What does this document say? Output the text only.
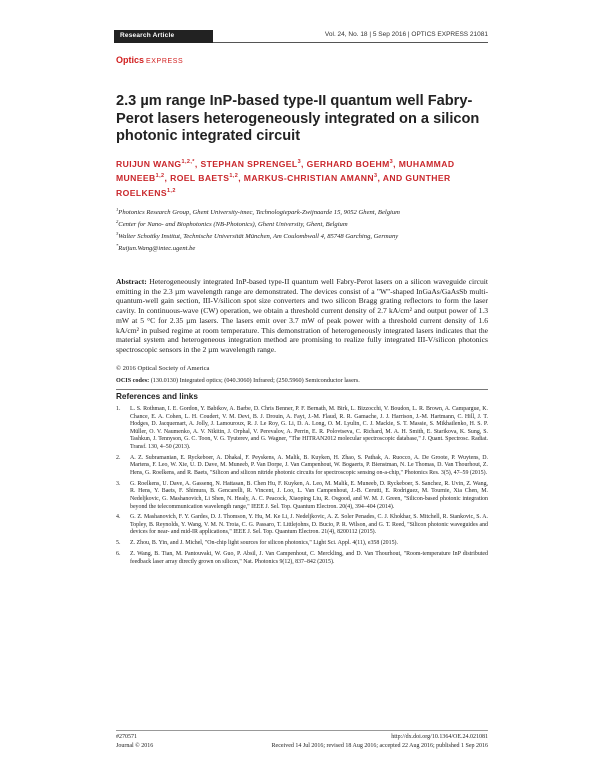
Research Article	Vol. 24, No. 18 | 5 Sep 2016 | OPTICS EXPRESS 21081
Optics EXPRESS
2.3 µm range InP-based type-II quantum well Fabry-Perot lasers heterogeneously integrated on a silicon photonic integrated circuit
RUIJUN $WANG^{1,2,*}$, STEPHAN SPRENGEL$^3$, GERHARD BOEHM$^3$, MUHAMMAD MUNEEB$^{1,2}$, ROEL BAETS$^{1,2}$, MARKUS-CHRISTIAN AMANN$^3$, AND GUNTHER ROELKENS$^{1,2}$
$^1$Photonics Research Group, Ghent University-imec, Technologiepark-Zwijnaarde 15, 9052 Ghent, Belgium
$^2$Center for Nano- and Biophotonics (NB-Photonics), Ghent University, Ghent, Belgium
$^3$Walter Schottky Institut, Technische Universität München, Am Coulombwall 4, 85748 Garching, Germany
*Ruijun.Wang@intec.ugent.be
Abstract: Heterogeneously integrated InP-based type-II quantum well Fabry-Perot lasers on a silicon waveguide circuit emitting in the 2.3 µm wavelength range are demonstrated. The devices consist of a "W"-shaped InGaAs/GaAsSb multi-quantum-well gain section, III-V/silicon spot size converters and two silicon Bragg grating reflectors to form the laser cavity. In continuous-wave (CW) operation, we obtain a threshold current density of 2.7 kA/cm² and output power of 1.3 mW at 5 °C for 2.35 µm lasers. The lasers emit over 3.7 mW of peak power with a threshold current density of 1.6 kA/cm² in pulsed regime at room temperature. This demonstration of heterogeneously integrated lasers indicates that the material system and heterogeneous integration method are promising to realize fully integrated III-V/silicon photonics spectroscopic sensors in the 2 µm wavelength range.
© 2016 Optical Society of America
OCIS codes: (130.0130) Integrated optics; (040.3060) Infrared; (250.5960) Semiconductor lasers.
References and links
1. L. S. Rothman, I. E. Gordon, Y. Babikov, A. Barbe, D. Chris Benner, P. F. Bernath, M. Birk, L. Bizzocchi, V. Boudon, L. R. Brown, A. Campargue, K. Chance, E. A. Cohen, L. H. Coudert, V. M. Devi, B. J. Drouin, A. Fayt, J.-M. Flaud, R. R. Gamache, J. J. Harrison, J.-M. Hartmann, C. Hill, J. T. Hodges, D. Jacquemart, A. Jolly, J. Lamouroux, R. J. Le Roy, G. Li, D. A. Long, O. M. Lyulin, C. J. Mackie, S. T. Massie, S. Mikhailenko, H. S. P. Müller, O. V. Naumenko, A. V. Nikitin, J. Orphal, V. Perevalov, A. Perrin, E. R. Polovtseva, C. Richard, M. A. H. Smith, E. Starikova, K. Sung, S. Tashkun, J. Tennyson, G. C. Toon, V. G. Tyuterev, and G. Wagner, "The HITRAN2012 molecular spectroscopic database," J. Quant. Spectrosc. Radiat. Transf. 130, 4–50 (2013).
2. A. Z. Subramanian, E. Ryckeboer, A. Dhakal, F. Peyskens, A. Malik, B. Kuyken, H. Zhao, S. Pathak, A. Ruocco, A. De Groote, P. Wuytens, D. Martens, F. Leo, W. Xie, U. D. Dave, M. Muneeb, P. Van Dorpe, J. Van Campenhout, W. Bogaerts, P. Bienstman, N. Le Thomas, D. Van Thourhout, Z. Hens, G. Roelkens, and R. Baets, "Silicon and silicon nitride photonic circuits for spectroscopic sensing on-a-chip," Photonics Res. 3(5), 47–59 (2015).
3. G. Roelkens, U. Dave, A. Gassenq, N. Hattasan, B. Chen Hu, F. Kuyken, A. Leo, M. Malik, E. Muneeb, D. Ryckeboer, S. Sanchez, R. Uvin, Z. Wang, R. Hens, Y. Baets, F. Shimura, B. Gencarelli, R. Vincent, J. Loo, L. Van Campenhout, J.-B. Cerutti, E. Rodriguez, M. Tournie, Xia Chen, M. Nedeljkovic, G. Mashanovich, Li Shen, N. Healy, A. C. Peacock, Xiaoping Liu, R. Osgood, and W. M. J. Green, "Silicon-based photonic integration beyond the telecommunication wavelength range," IEEE J. Sel. Top. Quantum Electron. 20(4), 394–404 (2014).
4. G. Z. Mashanovich, F. Y. Gardes, D. J. Thomson, Y. Hu, M. Ke Li, J. Nedeljkovic, A. Z. Soler Penades, C. J. Khokhar, S. Mitchell, R. Stankovic, S. A. Topley, B. Reynolds, Y. Wang, V. M. N. Troia, C. G. Passaro, T. Littlejohns, D. Bucio, P. R. Wilson, and G. T. Reed, "Silicon photonic waveguides and devices for near- and mid-IR applications," IEEE J. Sel. Top. Quantum Electron. 21(4), 8200112 (2015).
5. Z. Zhou, B. Yin, and J. Michel, "On-chip light sources for silicon photonics," Light Sci. Appl. 4(11), e358 (2015).
6. Z. Wang, B. Tian, M. Pantouvaki, W. Guo, P. Absil, J. Van Campenhout, C. Merckling, and D. Van Thourhout, "Room-temperature InP distributed feedback laser array directly grown on silicon," Nat. Photonics 9(12), 837–842 (2015).
#270571
Journal © 2016
http://dx.doi.org/10.1364/OE.24.021081
Received 14 Jul 2016; revised 18 Aug 2016; accepted 22 Aug 2016; published 1 Sep 2016
